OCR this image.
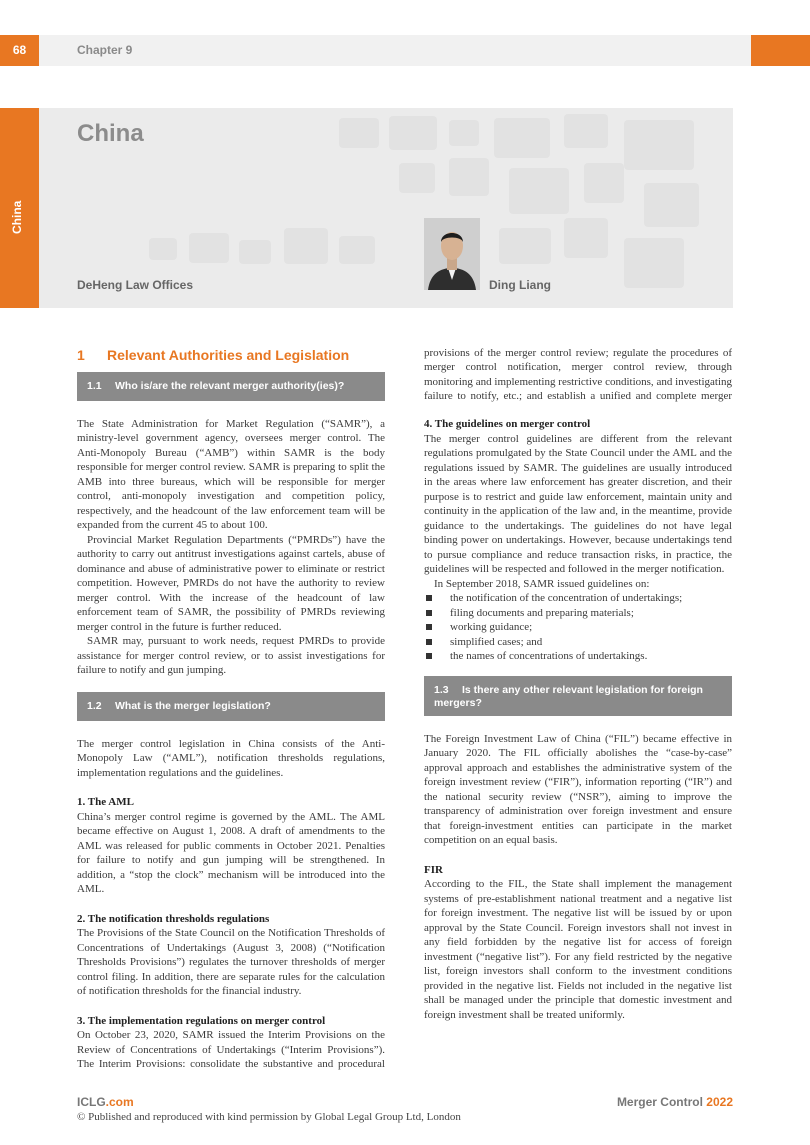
68	Chapter 9
China
China
DeHeng Law Offices	Ding Liang
1 Relevant Authorities and Legislation
1.1 Who is/are the relevant merger authority(ies)?

The State Administration for Market Regulation (“SAMR”), a ministry-level government agency, oversees merger control. The Anti-Monopoly Bureau (“AMB”) within SAMR is the body responsible for merger control review. SAMR is preparing to split the AMB into three bureaus, which will be responsible for merger control, anti-monopoly investigation and competition policy, respectively, and the headcount of the law enforcement team will be expanded from the current 45 to about 100.

Provincial Market Regulation Departments (“PMRDs”) have the authority to carry out antitrust investigations against cartels, abuse of dominance and abuse of administrative power to eliminate or restrict competition. However, PMRDs do not have the authority to review merger control. With the increase of the headcount of law enforcement team of SAMR, the possibility of PMRDs reviewing merger control in the future is further reduced.

SAMR may, pursuant to work needs, request PMRDs to provide assistance for merger control review, or to assist investigations for failure to notify and gun jumping.

1.2 What is the merger legislation?

The merger control legislation in China consists of the Anti-Monopoly Law (“AML”), notification thresholds regulations, implementation regulations and the guidelines.

1. The AML

China’s merger control regime is governed by the AML. The AML became effective on August 1, 2008. A draft of amendments to the AML was released for public comments in October 2021. Penalties for failure to notify and gun jumping will be strengthened. In addition, a “stop the clock” mechanism will be introduced into the AML.

2. The notification thresholds regulations

The Provisions of the State Council on the Notification Thresholds of Concentrations of Undertakings (August 3, 2008) (“Notification Thresholds Provisions”) regulates the turnover thresholds of merger control filing. In addition, there are separate rules for the calculation of notification thresholds for the financial industry.

3. The implementation regulations on merger control

On October 23, 2020, SAMR issued the Interim Provisions on the Review of Concentrations of Undertakings (“Interim Provisions”). The Interim Provisions: consolidate the substantive and procedural

provisions of the merger control review; regulate the procedures of merger control notification, merger control review, through monitoring and implementing restrictive conditions, and investigating failure to notify, etc.; and establish a unified and complete merger

4. The guidelines on merger control

The merger control guidelines are different from the relevant regulations promulgated by the State Council under the AML and the regulations issued by SAMR. The guidelines are usually introduced in the areas where law enforcement has greater discretion, and their purpose is to restrict and guide law enforcement, maintain unity and continuity in the application of the law and, in the meantime, provide guidance to the undertakings. The guidelines do not have legal binding power on undertakings. However, because undertakings tend to pursue compliance and reduce transaction risks, in practice, the guidelines will be respected and followed in the merger notification.

In September 2018, SAMR issued guidelines on:

the notification of the concentration of undertakings;
filing documents and preparing materials;
working guidance;
simplified cases; and
the names of concentrations of undertakings.
1.3 Is there any other relevant legislation for foreign
mergers?

The Foreign Investment Law of China (“FIL”) became effective in January 2020. The FIL officially abolishes the “case-by-case” approval approach and establishes the administrative system of the foreign investment review (“FIR”), information reporting (“IR”) and the national security review (“NSR”), aiming to improve the transparency of administration over foreign investment and ensure that foreign-investment entities can participate in the market competition on an equal basis.

FIR

According to the FIL, the State shall implement the management systems of pre-establishment national treatment and a negative list for foreign investment. The negative list will be issued by or upon approval by the State Council. Foreign investors shall not invest in any field forbidden by the negative list for access of foreign investment (“negative list”). For any field restricted by the negative list, foreign investors shall conform to the investment conditions provided in the negative list. Fields not included in the negative list shall be managed under the principle that domestic investment and foreign investment shall be treated uniformly.

ICLG.com	Merger Control 2022
© Published and reproduced with kind permission by Global Legal Group Ltd, London
